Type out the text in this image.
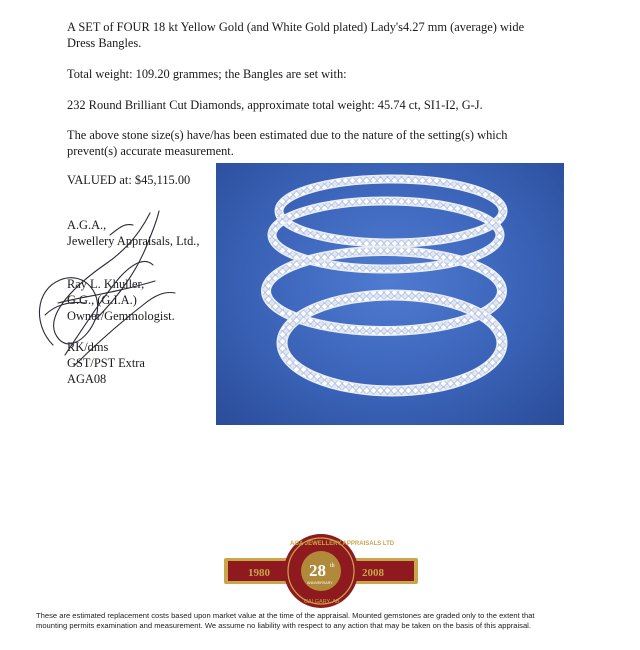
A SET of FOUR 18 kt Yellow Gold (and White Gold plated) Lady's4.27 mm (average) wide
Dress Bangles.
Total weight: 109.20 grammes; the Bangles are set with:
232 Round Brilliant Cut Diamonds, approximate total weight: 45.74 ct, SI1-I2, G-J.
The above stone size(s) have/has been estimated due to the nature of the setting(s) which
prevent(s) accurate measurement.
VALUED at: $45,115.00
A.G.A.,
Jewellery Appraisals, Ltd.,
Ray L. Khuller,
G.G., (G.I.A.)
Owner/Gemmologist.
RK/dms
GST/PST Extra
AGA08
1980	2008
28 th
ANNIVERSARY
AGA JEWELLERY APPRAISALS LTD
CALGARY, AB
These are estimated replacement costs based upon market value at the time of the appraisal. Mounted gemstones are graded only to the extent that
mounting permits examination and measurement. We assume no liability with respect to any action that may be taken on the basis of this appraisal.
